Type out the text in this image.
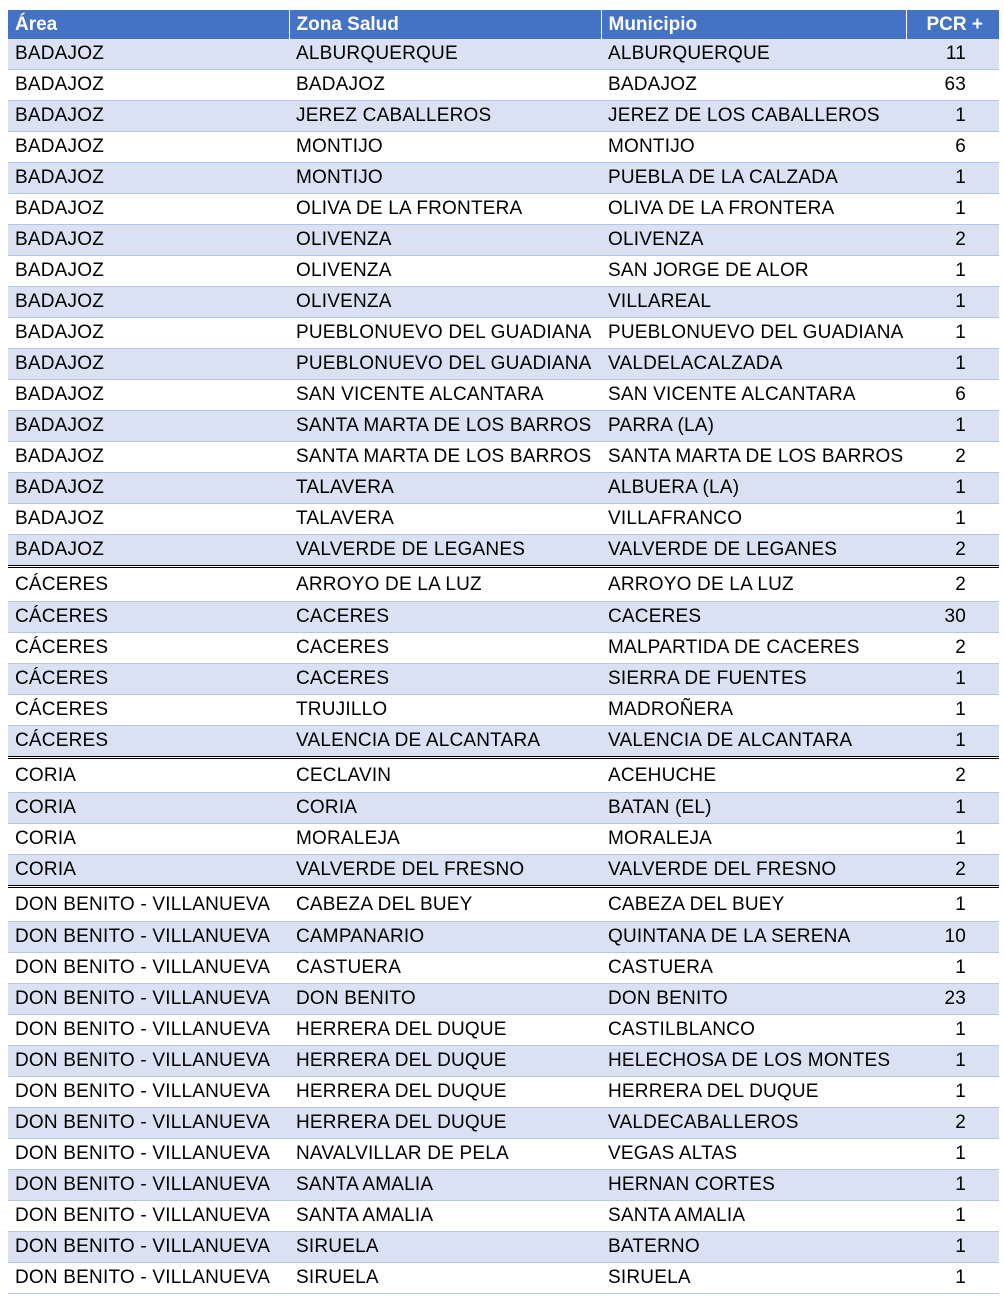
Área	Zona Salud	Municipio	PCR +
BADAJOZ	ALBURQUERQUE	ALBURQUERQUE	11
BADAJOZ	BADAJOZ	BADAJOZ	63
BADAJOZ	JEREZ CABALLEROS	JEREZ DE LOS CABALLEROS	1
BADAJOZ	MONTIJO	MONTIJO	6
BADAJOZ	MONTIJO	PUEBLA DE LA CALZADA	1
BADAJOZ	OLIVA DE LA FRONTERA	OLIVA DE LA FRONTERA	1
BADAJOZ	OLIVENZA	OLIVENZA	2
BADAJOZ	OLIVENZA	SAN JORGE DE ALOR	1
BADAJOZ	OLIVENZA	VILLAREAL	1
BADAJOZ	PUEBLONUEVO DEL GUADIANA	PUEBLONUEVO DEL GUADIANA	1
BADAJOZ	PUEBLONUEVO DEL GUADIANA	VALDELACALZADA	1
BADAJOZ	SAN VICENTE ALCANTARA	SAN VICENTE ALCANTARA	6
BADAJOZ	SANTA MARTA DE LOS BARROS	PARRA (LA)	1
BADAJOZ	SANTA MARTA DE LOS BARROS	SANTA MARTA DE LOS BARROS	2
BADAJOZ	TALAVERA	ALBUERA (LA)	1
BADAJOZ	TALAVERA	VILLAFRANCO	1
BADAJOZ	VALVERDE DE LEGANES	VALVERDE DE LEGANES	2
CÁCERES	ARROYO DE LA LUZ	ARROYO DE LA LUZ	2
CÁCERES	CACERES	CACERES	30
CÁCERES	CACERES	MALPARTIDA DE CACERES	2
CÁCERES	CACERES	SIERRA DE FUENTES	1
CÁCERES	TRUJILLO	MADROÑERA	1
CÁCERES	VALENCIA DE ALCANTARA	VALENCIA DE ALCANTARA	1
CORIA	CECLAVIN	ACEHUCHE	2
CORIA	CORIA	BATAN (EL)	1
CORIA	MORALEJA	MORALEJA	1
CORIA	VALVERDE DEL FRESNO	VALVERDE DEL FRESNO	2
DON BENITO - VILLANUEVA	CABEZA DEL BUEY	CABEZA DEL BUEY	1
DON BENITO - VILLANUEVA	CAMPANARIO	QUINTANA DE LA SERENA	10
DON BENITO - VILLANUEVA	CASTUERA	CASTUERA	1
DON BENITO - VILLANUEVA	DON BENITO	DON BENITO	23
DON BENITO - VILLANUEVA	HERRERA DEL DUQUE	CASTILBLANCO	1
DON BENITO - VILLANUEVA	HERRERA DEL DUQUE	HELECHOSA DE LOS MONTES	1
DON BENITO - VILLANUEVA	HERRERA DEL DUQUE	HERRERA DEL DUQUE	1
DON BENITO - VILLANUEVA	HERRERA DEL DUQUE	VALDECABALLEROS	2
DON BENITO - VILLANUEVA	NAVALVILLAR DE PELA	VEGAS ALTAS	1
DON BENITO - VILLANUEVA	SANTA AMALIA	HERNAN CORTES	1
DON BENITO - VILLANUEVA	SANTA AMALIA	SANTA AMALIA	1
DON BENITO - VILLANUEVA	SIRUELA	BATERNO	1
DON BENITO - VILLANUEVA	SIRUELA	SIRUELA	1
